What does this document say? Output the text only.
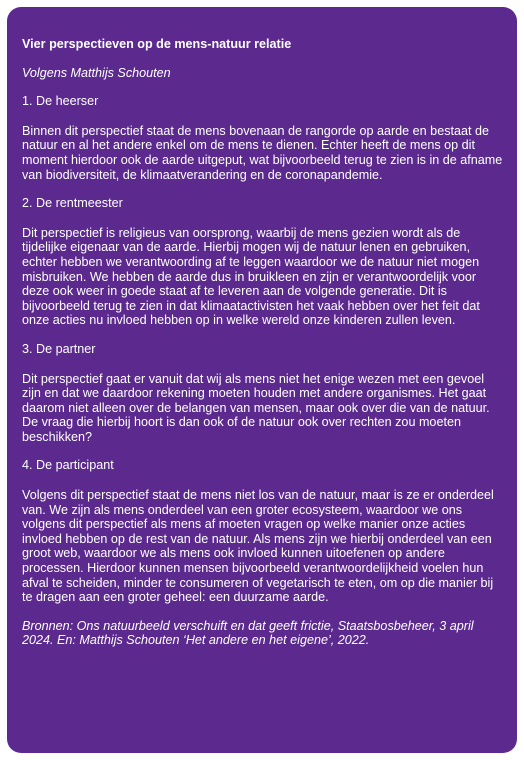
Vier perspectieven op de mens-natuur relatie
Volgens Matthijs Schouten
1. De heerser
Binnen dit perspectief staat de mens bovenaan de rangorde op aarde en bestaat de natuur en al het andere enkel om de mens te dienen. Echter heeft de mens op dit moment hierdoor ook de aarde uitgeput, wat bijvoorbeeld terug te zien is in de afname van biodiversiteit, de klimaatverandering en de coronapandemie.
2. De rentmeester
Dit perspectief is religieus van oorsprong, waarbij de mens gezien wordt als de tijdelijke eigenaar van de aarde. Hierbij mogen wij de natuur lenen en gebruiken, echter hebben we verantwoording af te leggen waardoor we de natuur niet mogen misbruiken. We hebben de aarde dus in bruikleen en zijn er verantwoordelijk voor deze ook weer in goede staat af te leveren aan de volgende generatie. Dit is bijvoorbeeld terug te zien in dat klimaatactivisten het vaak hebben over het feit dat onze acties nu invloed hebben op in welke wereld onze kinderen zullen leven.
3. De partner
Dit perspectief gaat er vanuit dat wij als mens niet het enige wezen met een gevoel zijn en dat we daardoor rekening moeten houden met andere organismes. Het gaat daarom niet alleen over de belangen van mensen, maar ook over die van de natuur. De vraag die hierbij hoort is dan ook of de natuur ook over rechten zou moeten beschikken?
4. De participant
Volgens dit perspectief staat de mens niet los van de natuur, maar is ze er onderdeel van. We zijn als mens onderdeel van een groter ecosysteem, waardoor we ons volgens dit perspectief als mens af moeten vragen op welke manier onze acties invloed hebben op de rest van de natuur. Als mens zijn we hierbij onderdeel van een groot web, waardoor we als mens ook invloed kunnen uitoefenen op andere processen. Hierdoor kunnen mensen bijvoorbeeld verantwoordelijkheid voelen hun afval te scheiden, minder te consumeren of vegetarisch te eten, om op die manier bij te dragen aan een groter geheel: een duurzame aarde.
Bronnen: Ons natuurbeeld verschuift en dat geeft frictie, Staatsbosbeheer, 3 april 2024. En: Matthijs Schouten ‘Het andere en het eigene’, 2022.
